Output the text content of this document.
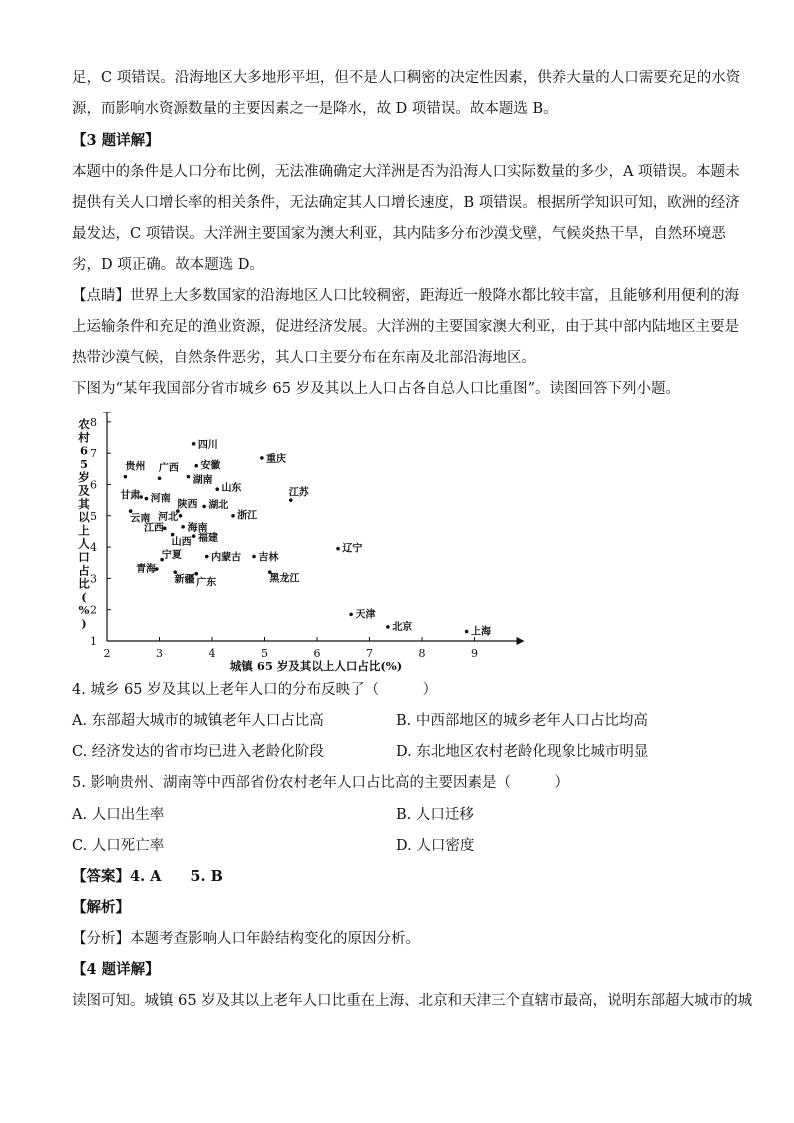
足，C 项错误。沿海地区大多地形平坦，但不是人口稠密的决定性因素，供养大量的人口需要充足的水资
源，而影响水资源数量的主要因素之一是降水，故 D 项错误。故本题选 B。
【3 题详解】
本题中的条件是人口分布比例，无法准确确定大洋洲是否为沿海人口实际数量的多少，A 项错误。本题未
提供有关人口增长率的相关条件，无法确定其人口增长速度，B 项错误。根据所学知识可知，欧洲的经济
最发达，C 项错误。大洋洲主要国家为澳大利亚，其内陆多分布沙漠戈壁，气候炎热干旱，自然环境恶
劣，D 项正确。故本题选 D。
【点睛】世界上大多数国家的沿海地区人口比较稠密，距海近一般降水都比较丰富，且能够利用便利的海
上运输条件和充足的渔业资源，促进经济发展。大洋洲的主要国家澳大利亚，由于其中部内陆地区主要是
热带沙漠气候，自然条件恶劣，其人口主要分布在东南及北部沿海地区。
下图为“某年我国部分省市城乡 65 岁及其以上人口占各自总人口比重图”。读图回答下列小题。
2	3	4	5	6	7	8	9
1
2
3
4
5
6
7
8
城镇 65 岁及其以上人口占比(%)
农村 6 5 岁及其以上人口占比( % )
四川
重庆
安徽
贵州 广西
湖南
山东
甘肃 河南
湖北
江苏
陕西
河北	浙江
云南
海南
江西
山西 福建
辽宁
宁夏	内蒙古 吉林
青海
新疆 广东	黑龙江
天津
北京	上海
4. 城乡 65 岁及其以上老年人口的分布反映了（　　　）
A. 东部超大城市的城镇老年人口占比高	B. 中西部地区的城乡老年人口占比均高
C. 经济发达的省市均已进入老龄化阶段	D. 东北地区农村老龄化现象比城市明显
5. 影响贵州、湖南等中西部省份农村老年人口占比高的主要因素是（　　　）
A. 人口出生率	B. 人口迁移
C. 人口死亡率	D. 人口密度
【答案】4. A　　5. B
【解析】
【分析】本题考查影响人口年龄结构变化的原因分析。
【4 题详解】
读图可知。城镇 65 岁及其以上老年人口比重在上海、北京和天津三个直辖市最高，说明东部超大城市的城
